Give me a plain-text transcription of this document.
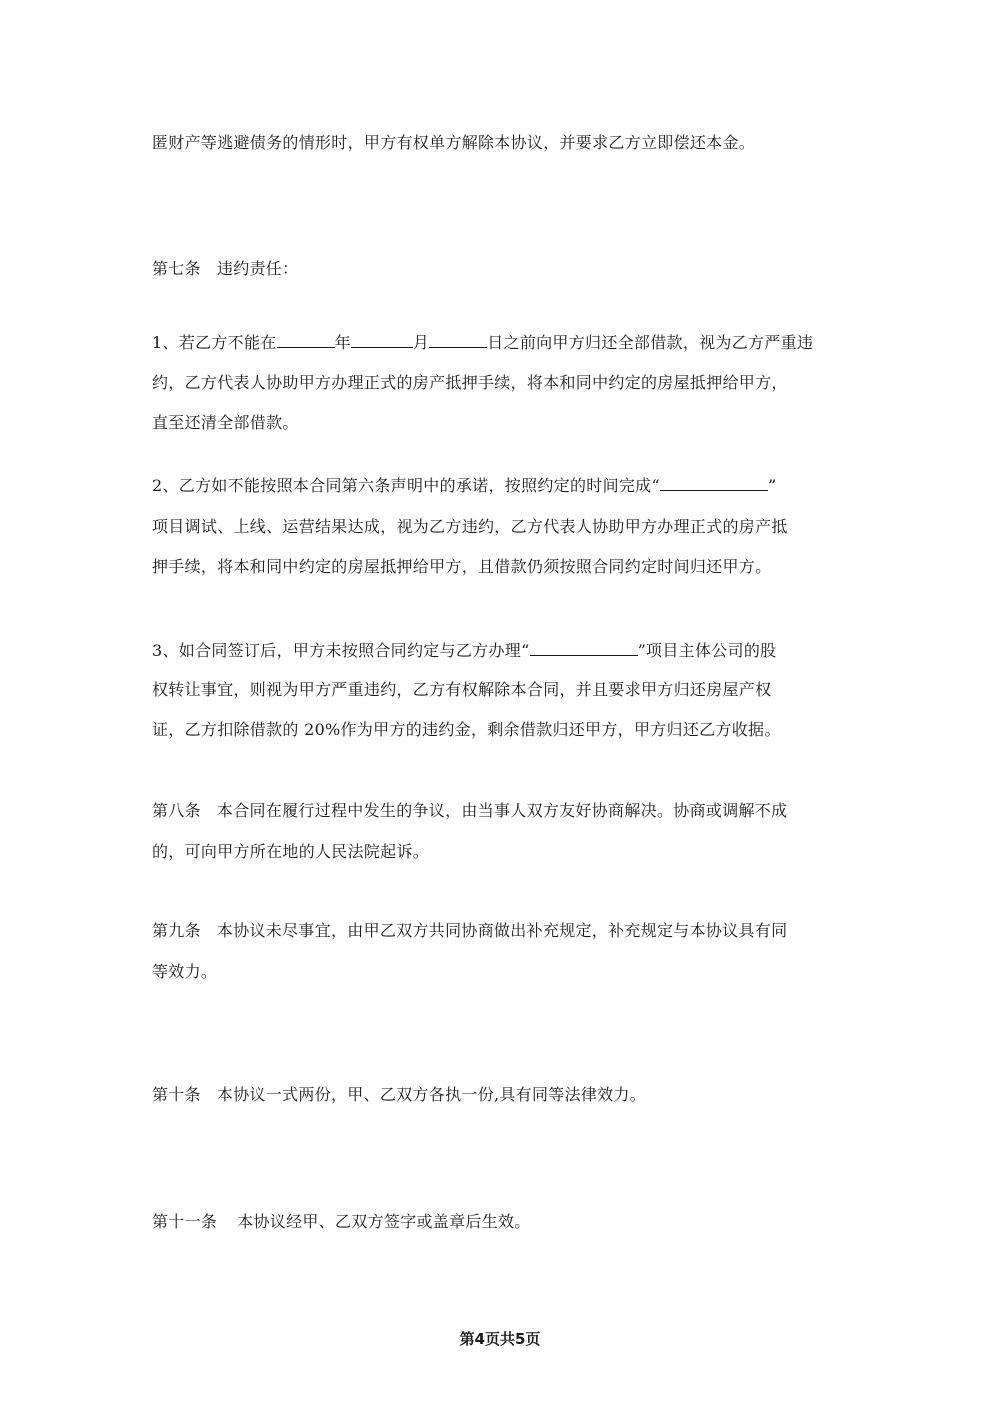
匿财产等逃避债务的情形时，甲方有权单方解除本协议，并要求乙方立即偿还本金。
第七条 违约责任：
1、若乙方不能在	年	月	日之前向甲方归还全部借款，视为乙方严重违
约，乙方代表人协助甲方办理正式的房产抵押手续，将本和同中约定的房屋抵押给甲方，
直至还清全部借款。
2、乙方如不能按照本合同第六条声明中的承诺，按照约定的时间完成“	”
项目调试、上线、运营结果达成，视为乙方违约，乙方代表人协助甲方办理正式的房产抵
押手续，将本和同中约定的房屋抵押给甲方，且借款仍须按照合同约定时间归还甲方。
3、如合同签订后，甲方未按照合同约定与乙方办理“	”项目主体公司的股
权转让事宜，则视为甲方严重违约，乙方有权解除本合同，并且要求甲方归还房屋产权
证，乙方扣除借款的 20%作为甲方的违约金，剩余借款归还甲方，甲方归还乙方收据。
第八条 本合同在履行过程中发生的争议，由当事人双方友好协商解决。协商或调解不成
的，可向甲方所在地的人民法院起诉。
第九条 本协议未尽事宜，由甲乙双方共同协商做出补充规定，补充规定与本协议具有同
等效力。
第十条 本协议一式两份，甲、乙双方各执一份,具有同等法律效力。
第十一条 本协议经甲、乙双方签字或盖章后生效。
第4页共5页
